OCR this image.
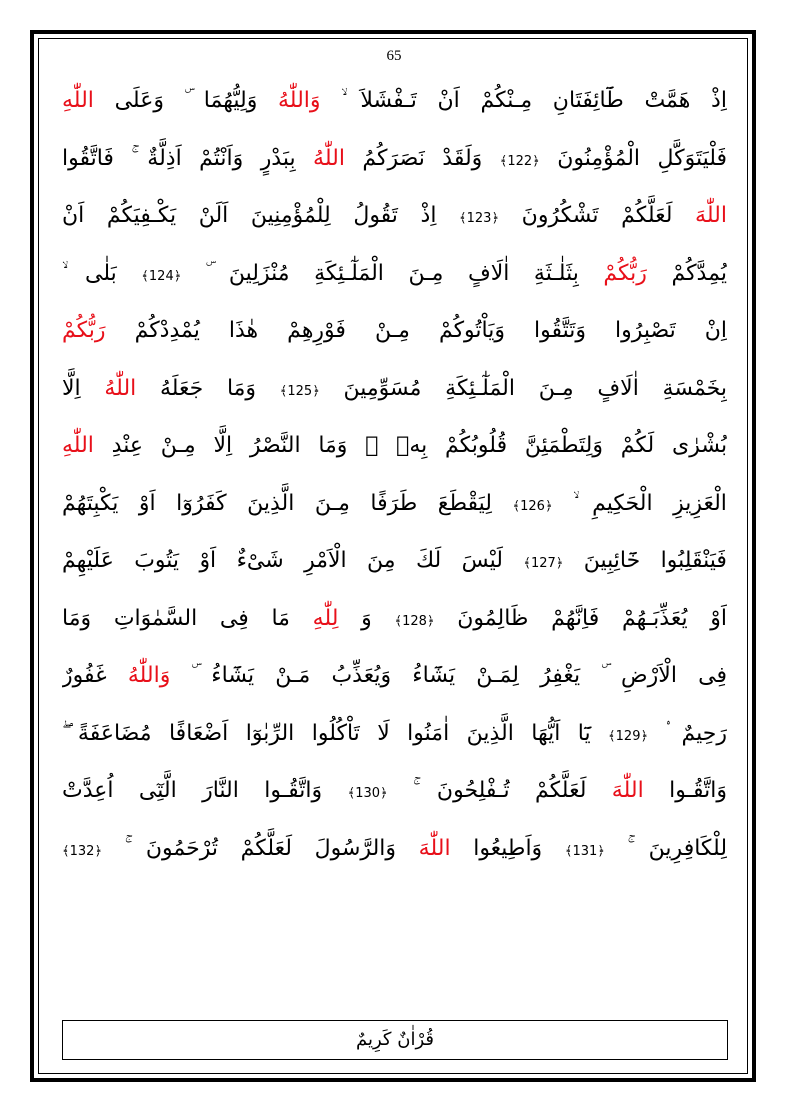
65
اِذْ هَمَّتْ طَٓائِفَتَانِ مِـنْكُمْ اَنْ تَـفْشَلاَ ۙ وَاللّٰهُ وَلِيُّهُمَا ۜ وَعَلَى اللّٰهِ
فَلْيَتَوَكَّلِ الْمُؤْمِنُونَ ﴿122﴾ وَلَقَدْ نَصَرَكُمُ اللّٰهُ بِبَدْرٍ وَاَنْتُمْ اَذِلَّةٌ ۚ فَاتَّقُوا
اللّٰهَ لَعَلَّكُمْ تَشْكُرُونَ ﴿123﴾ اِذْ تَقُولُ لِلْمُؤْمِنِينَ اَلَنْ يَكْـفِيَكُمْ اَنْ
يُمِدَّكُمْ رَبُّكُمْ بِثَلٰـثَةِ اٰلَافٍ مِـنَ الْمَلٰٓـئِكَةِ مُنْزَلِينَ ۜ ﴿124﴾ بَلٰى ۙ
اِنْ تَصْبِرُوا وَتَتَّقُوا وَيَاْتُوكُمْ مِـنْ فَوْرِهِمْ هٰذَا يُمْدِدْكُمْ رَبُّكُمْ
بِخَمْسَةِ اٰلَافٍ مِـنَ الْمَلٰٓـئِكَةِ مُسَوِّمِينَ ﴿125﴾ وَمَا جَعَلَهُ اللّٰهُ اِلَّا
بُشْرٰى لَكُمْ وَلِتَطْمَئِنَّ قُلُوبُكُمْ بِهٖ ۜ وَمَا النَّصْرُ اِلَّا مِـنْ عِنْدِ اللّٰهِ
الْعَزِيزِ الْحَكِيمِ ۙ ﴿126﴾ لِيَقْطَعَ طَرَفًا مِـنَ الَّذِينَ كَفَرُوٓا اَوْ يَكْبِتَهُمْ
فَيَنْقَلِبُوا خَٓائِبِينَ ﴿127﴾ لَيْسَ لَكَ مِنَ الْاَمْرِ شَیْءٌ اَوْ يَتُوبَ عَلَيْهِمْ
اَوْ يُعَذِّبَـهُمْ فَاِنَّهُمْ ظَالِمُونَ ﴿128﴾ وَ لِلّٰهِ مَا فِى السَّمٰوَاتِ وَمَا
فِى الْاَرْضِ ۜ يَغْفِرُ لِمَـنْ يَشَٓاءُ وَيُعَذِّبُ مَـنْ يَشَٓاءُ ۜ وَاللّٰهُ غَفُورٌ
رَحِيمٌ ۟ ﴿129﴾ يَٓا اَيُّهَا الَّذِينَ اٰمَنُوا لَا تَاْكُلُوا الرِّبٰوٓا اَضْعَافًا مُضَاعَفَةً ۖ
وَاتَّقُـوا اللّٰهَ لَعَلَّكُمْ تُـفْلِحُونَ ۚ ﴿130﴾ وَاتَّقُـوا النَّارَ الَّتِٓى اُعِدَّتْ
لِلْكَافِرِينَ ۚ ﴿131﴾ وَاَطِيعُوا اللّٰهَ وَالرَّسُولَ لَعَلَّكُمْ تُرْحَمُونَ ۚ ﴿132﴾
قُرْاٰنٌ كَرِيمٌ
